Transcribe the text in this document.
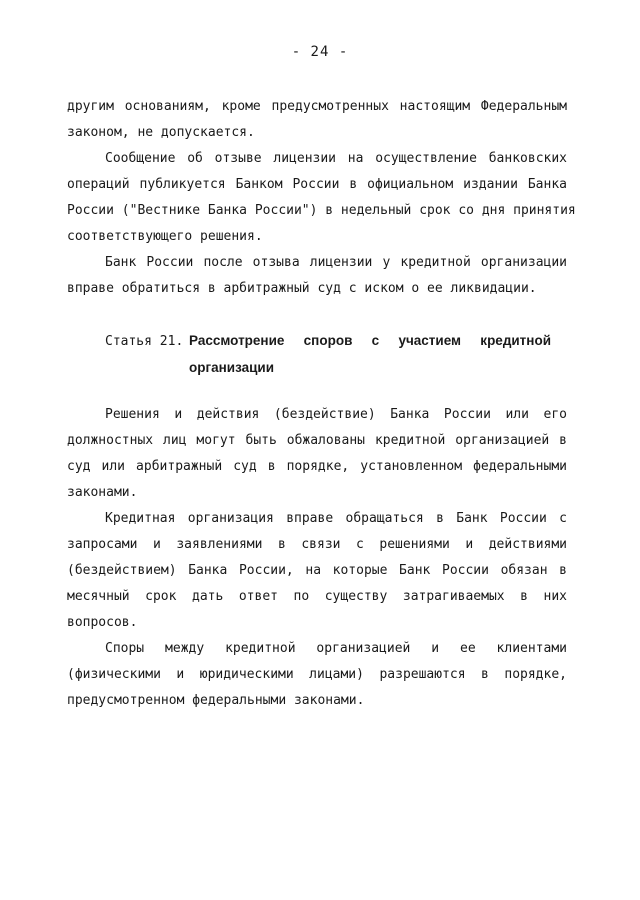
- 24 -

другим основаниям, кроме предусмотренных настоящим Федеральным
законом, не допускается.

Сообщение об отзыве лицензии на осуществление банковских
операций публикуется Банком России в официальном издании Банка
России ("Вестнике Банка России") в недельный срок со дня принятия
соответствующего решения.

Банк России после отзыва лицензии у кредитной организации
вправе обратиться в арбитражный суд с иском о ее ликвидации.

Статья 21. Рассмотрение споров с участием кредитной
организации

Решения и действия (бездействие) Банка России или его
должностных лиц могут быть обжалованы кредитной организацией в
суд или арбитражный суд в порядке, установленном федеральными
законами.

Кредитная организация вправе обращаться в Банк России с
запросами и заявлениями в связи с решениями и действиями
(бездействием) Банка России, на которые Банк России обязан в
месячный срок дать ответ по существу затрагиваемых в них
вопросов.

Споры между кредитной организацией и ее клиентами
(физическими и юридическими лицами) разрешаются в порядке,
предусмотренном федеральными законами.
